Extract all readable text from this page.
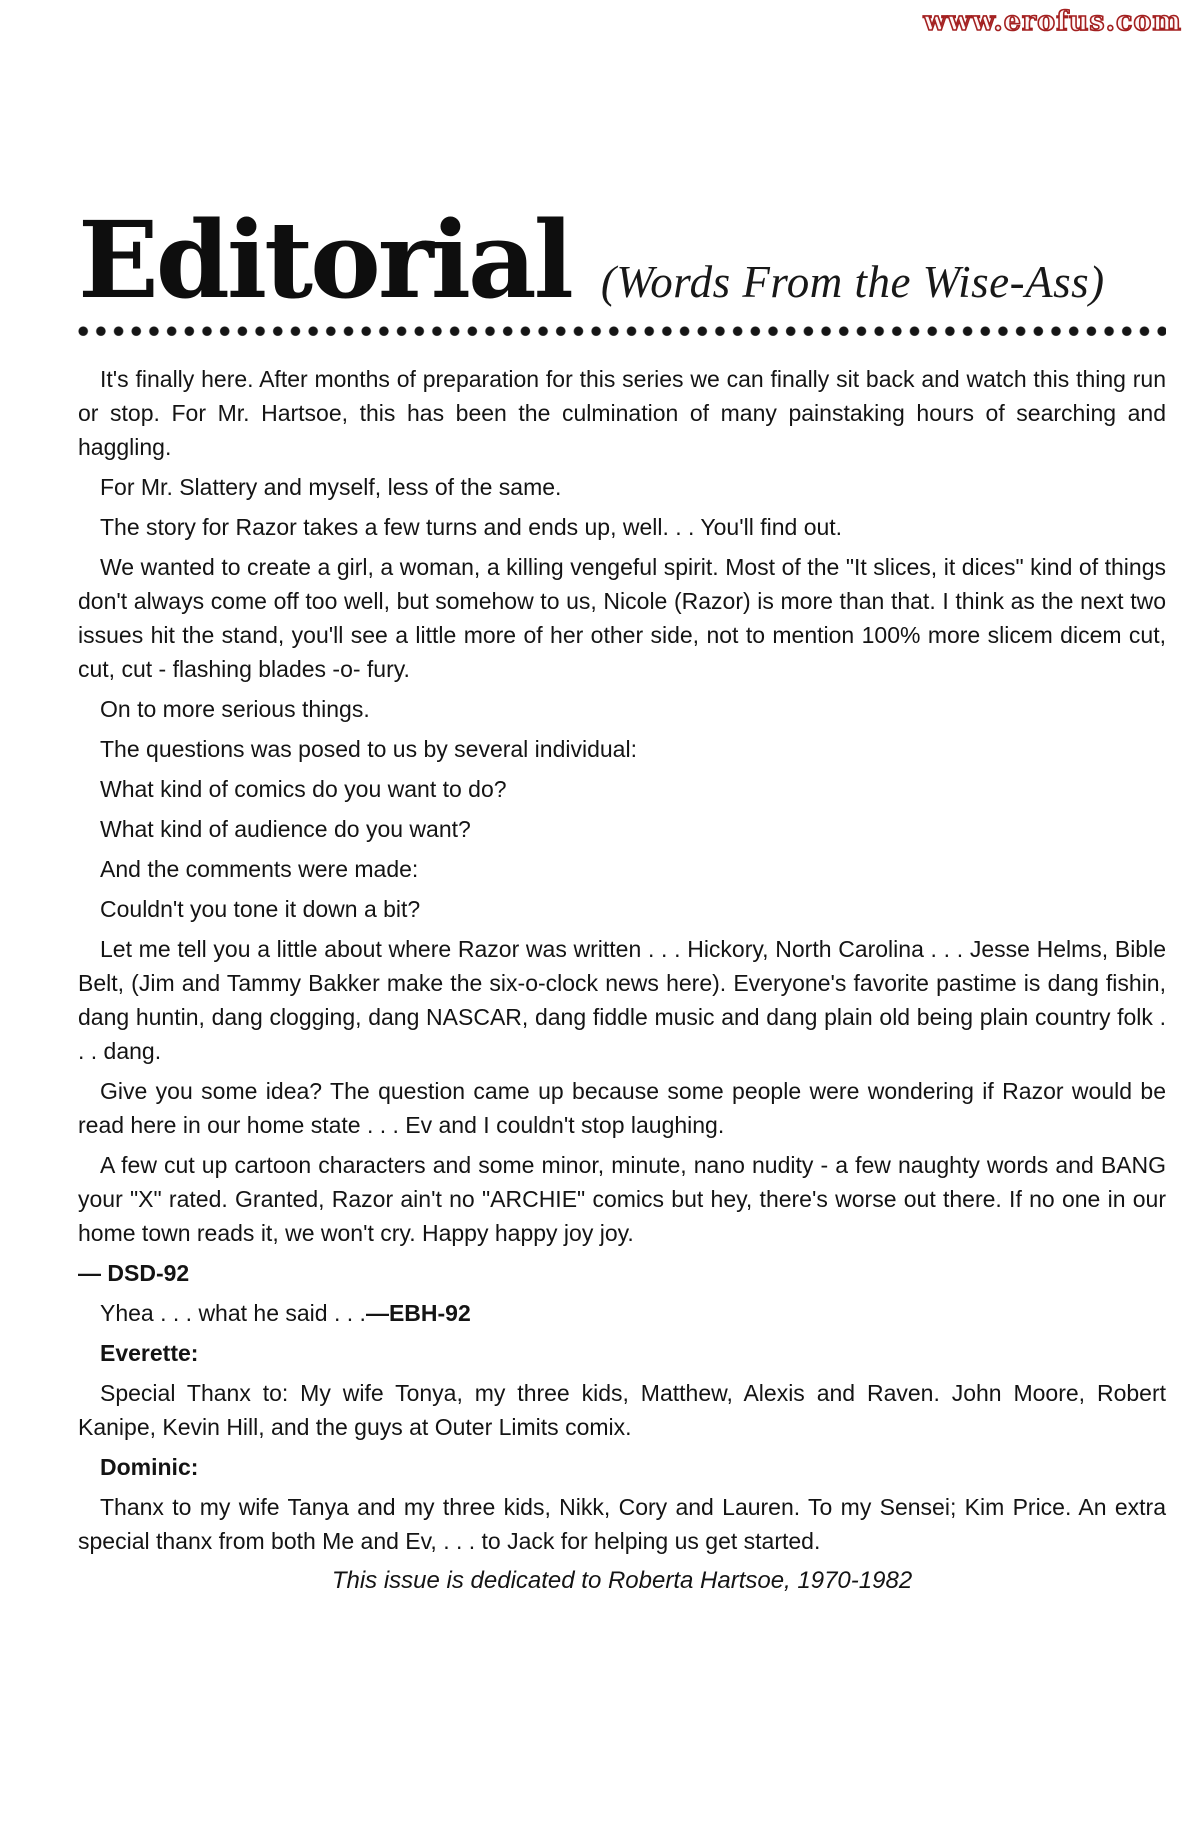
www.erofus.com
Editorial (Words From the Wise-Ass)

It's finally here. After months of preparation for this series we can finally sit back and watch this thing run or stop. For Mr. Hartsoe, this has been the culmination of many painstaking hours of searching and haggling.

For Mr. Slattery and myself, less of the same.

The story for Razor takes a few turns and ends up, well. . . You'll find out.

We wanted to create a girl, a woman, a killing vengeful spirit. Most of the "It slices, it dices" kind of things don't always come off too well, but somehow to us, Nicole (Razor) is more than that. I think as the next two issues hit the stand, you'll see a little more of her other side, not to mention 100% more slicem dicem cut, cut, cut - flashing blades -o- fury.

On to more serious things.

The questions was posed to us by several individual:

What kind of comics do you want to do?

What kind of audience do you want?

And the comments were made:

Couldn't you tone it down a bit?

Let me tell you a little about where Razor was written . . . Hickory, North Carolina . . . Jesse Helms, Bible Belt, (Jim and Tammy Bakker make the six-o-clock news here). Everyone's favorite pastime is dang fishin, dang huntin, dang clogging, dang NASCAR, dang fiddle music and dang plain old being plain country folk . . . dang.

Give you some idea? The question came up because some people were wondering if Razor would be read here in our home state . . . Ev and I couldn't stop laughing.

A few cut up cartoon characters and some minor, minute, nano nudity - a few naughty words and BANG your "X" rated. Granted, Razor ain't no "ARCHIE" comics but hey, there's worse out there. If no one in our home town reads it, we won't cry. Happy happy joy joy.

— DSD-92

Yhea . . . what he said . . .—EBH-92

Everette:

Special Thanx to: My wife Tonya, my three kids, Matthew, Alexis and Raven. John Moore, Robert Kanipe, Kevin Hill, and the guys at Outer Limits comix.

Dominic:

Thanx to my wife Tanya and my three kids, Nikk, Cory and Lauren. To my Sensei; Kim Price. An extra special thanx from both Me and Ev, . . . to Jack for helping us get started.

This issue is dedicated to Roberta Hartsoe, 1970-1982
